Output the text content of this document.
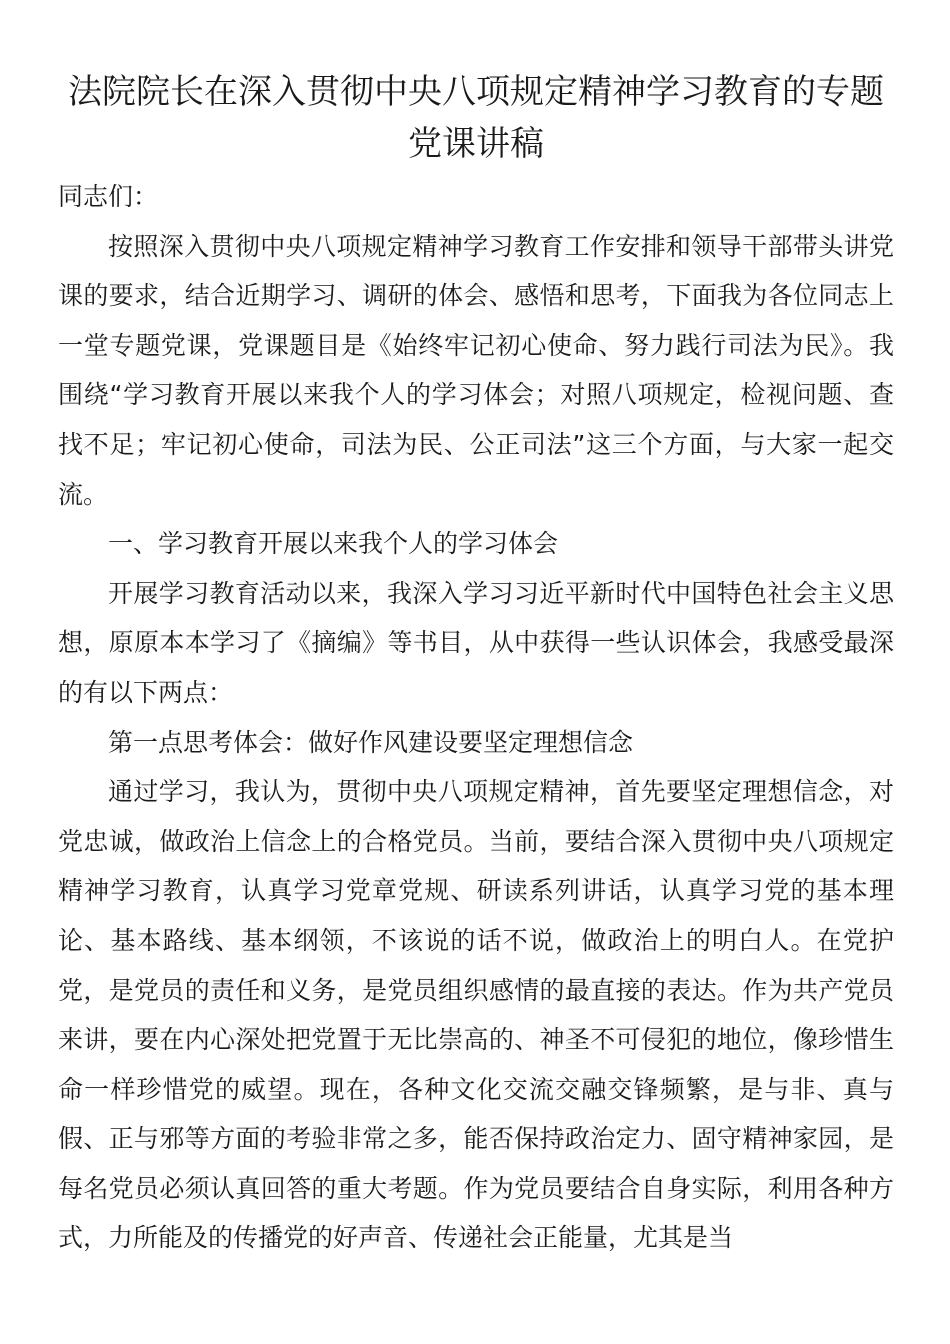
法院院长在深入贯彻中央八项规定精神学习教育的专题党课讲稿

同志们：

按照深入贯彻中央八项规定精神学习教育工作安排和领导干部带头讲党课的要求，结合近期学习、调研的体会、感悟和思考，下面我为各位同志上一堂专题党课，党课题目是《始终牢记初心使命、努力践行司法为民》。我围绕“学习教育开展以来我个人的学习体会；对照八项规定，检视问题、查找不足；牢记初心使命，司法为民、公正司法”这三个方面，与大家一起交流。

一、学习教育开展以来我个人的学习体会

开展学习教育活动以来，我深入学习习近平新时代中国特色社会主义思想，原原本本学习了《摘编》等书目，从中获得一些认识体会，我感受最深的有以下两点：

第一点思考体会：做好作风建设要坚定理想信念

通过学习，我认为，贯彻中央八项规定精神，首先要坚定理想信念，对党忠诚，做政治上信念上的合格党员。当前，要结合深入贯彻中央八项规定精神学习教育，认真学习党章党规、研读系列讲话，认真学习党的基本理论、基本路线、基本纲领，不该说的话不说，做政治上的明白人。在党护党，是党员的责任和义务，是党员组织感情的最直接的表达。作为共产党员来讲，要在内心深处把党置于无比崇高的、神圣不可侵犯的地位，像珍惜生命一样珍惜党的威望。现在，各种文化交流交融交锋频繁，是与非、真与假、正与邪等方面的考验非常之多，能否保持政治定力、固守精神家园，是每名党员必须认真回答的重大考题。作为党员要结合自身实际，利用各种方式，力所能及的传播党的好声音、传递社会正能量，尤其是当
